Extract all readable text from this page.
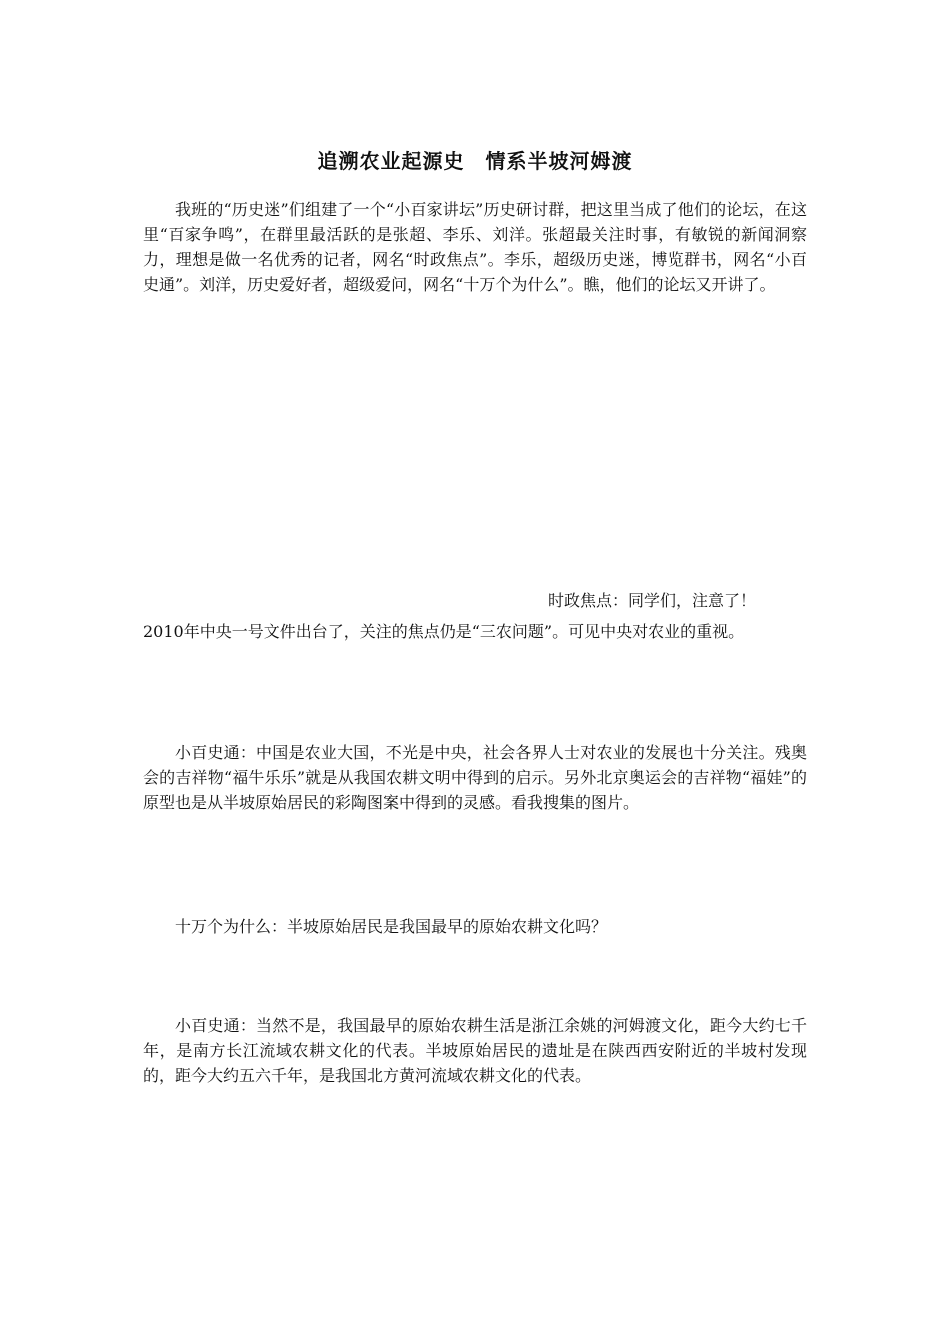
追溯农业起源史　情系半坡河姆渡

我班的“历史迷”们组建了一个“小百家讲坛”历史研讨群，把这里当成了他们的论坛，在这里“百家争鸣”，在群里最活跃的是张超、李乐、刘洋。张超最关注时事，有敏锐的新闻洞察力，理想是做一名优秀的记者，网名“时政焦点”。李乐，超级历史迷，博览群书，网名“小百史通”。刘洋，历史爱好者，超级爱问，网名“十万个为什么”。瞧，他们的论坛又开讲了。

时政焦点：同学们，注意了！

2010年中央一号文件出台了，关注的焦点仍是“三农问题”。可见中央对农业的重视。

小百史通：中国是农业大国，不光是中央，社会各界人士对农业的发展也十分关注。残奥会的吉祥物“福牛乐乐”就是从我国农耕文明中得到的启示。另外北京奥运会的吉祥物“福娃”的原型也是从半坡原始居民的彩陶图案中得到的灵感。看我搜集的图片。

十万个为什么：半坡原始居民是我国最早的原始农耕文化吗？

小百史通：当然不是，我国最早的原始农耕生活是浙江余姚的河姆渡文化，距今大约七千年，是南方长江流域农耕文化的代表。半坡原始居民的遗址是在陕西西安附近的半坡村发现的，距今大约五六千年，是我国北方黄河流域农耕文化的代表。
